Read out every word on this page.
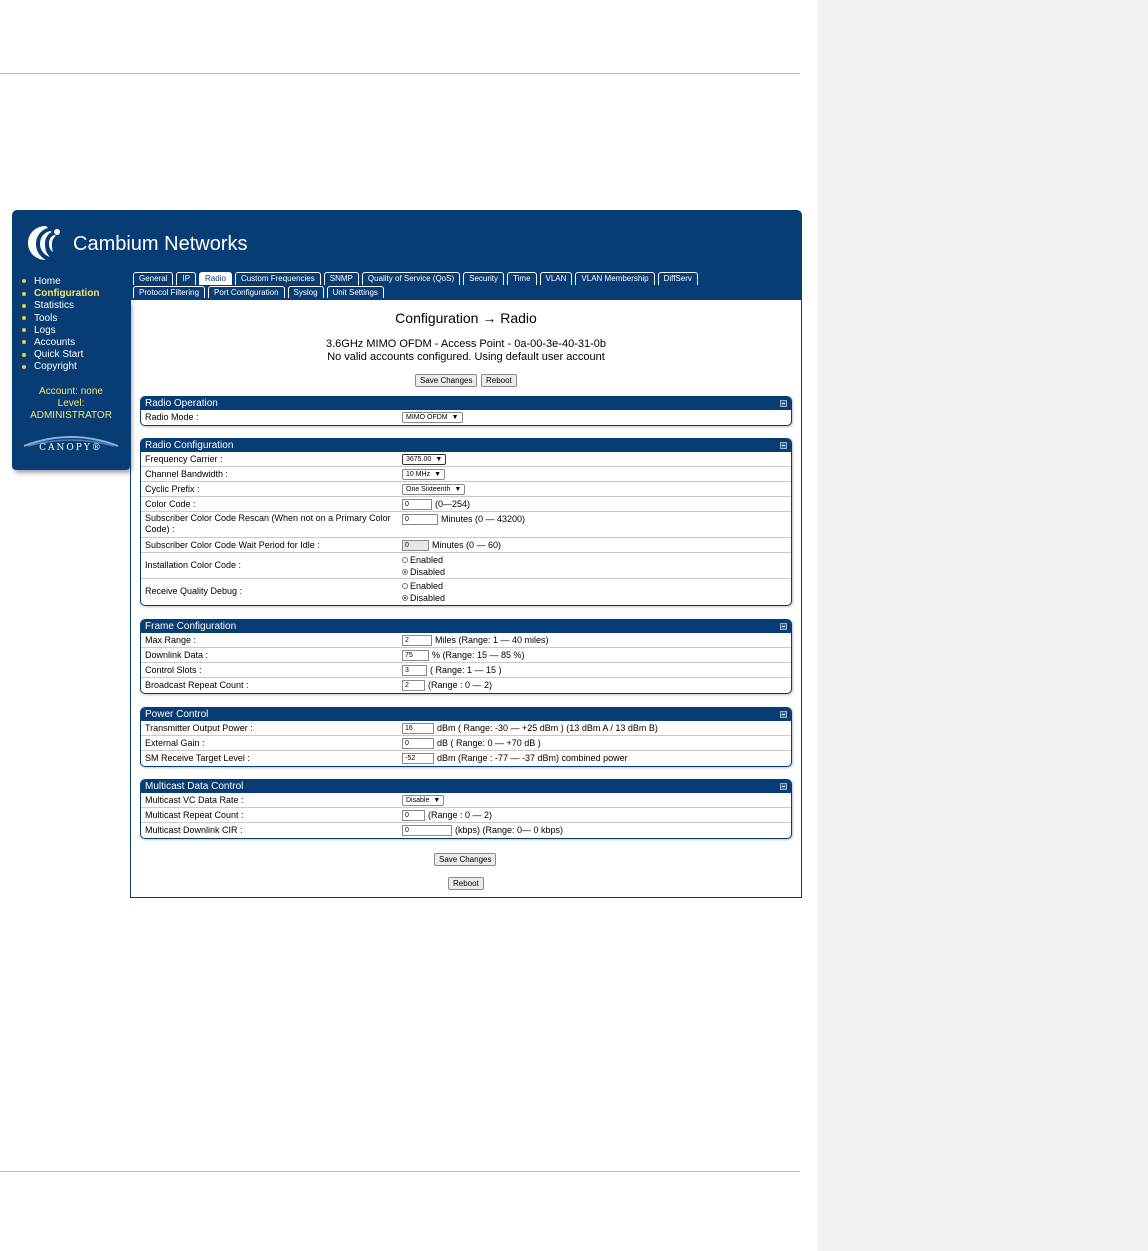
Cambium Networks
General	IP	Radio	Custom Frequencies	SNMP	Quality of Service (QoS)	Security	Time	VLAN	VLAN Membership	DiffServ
Protocol Filtering	Port Configuration	Syslog	Unit Settings
Home
Configuration
Statistics
Tools
Logs
Accounts
Quick Start
Copyright
Account: none
Level:
ADMINISTRATOR
CANOPY®
Configuration → Radio
3.6GHz MIMO OFDM - Access Point - 0a-00-3e-40-31-0b
No valid accounts configured. Using default user account
Save Changes	Reboot
Radio Operation
Radio Mode :	MIMO OFDM ▼
Radio Configuration
Frequency Carrier :	3675.00 ▼
Channel Bandwidth :	10 MHz ▼
Cyclic Prefix :	One Sixteenth ▼
Color Code :	0	(0—254)
Subscriber Color Code Rescan (When not on a Primary Color Code) :
0	Minutes (0 — 43200)
Subscriber Color Code Wait Period for Idle :	0	Minutes (0 — 60)
Installation Color Code :	Enabled
Disabled
Receive Quality Debug :	Enabled
Disabled
Frame Configuration
Max Range :	2	Miles (Range: 1 — 40 miles)
Downlink Data :	75	% (Range: 15 — 85 %)
Control Slots :	3	( Range: 1 — 15 )
Broadcast Repeat Count :	2	(Range : 0 — 2)
Power Control
Transmitter Output Power :	16	dBm ( Range: -30 — +25 dBm ) (13 dBm A / 13 dBm B)
External Gain :	0	dB ( Range: 0 — +70 dB )
SM Receive Target Level :	-52	dBm (Range : -77 — -37 dBm) combined power
Multicast Data Control
Multicast VC Data Rate :	Disable ▼
Multicast Repeat Count :	0	(Range : 0 — 2)
Multicast Downlink CIR :	0	(kbps) (Range: 0— 0 kbps)
Save Changes
Reboot
